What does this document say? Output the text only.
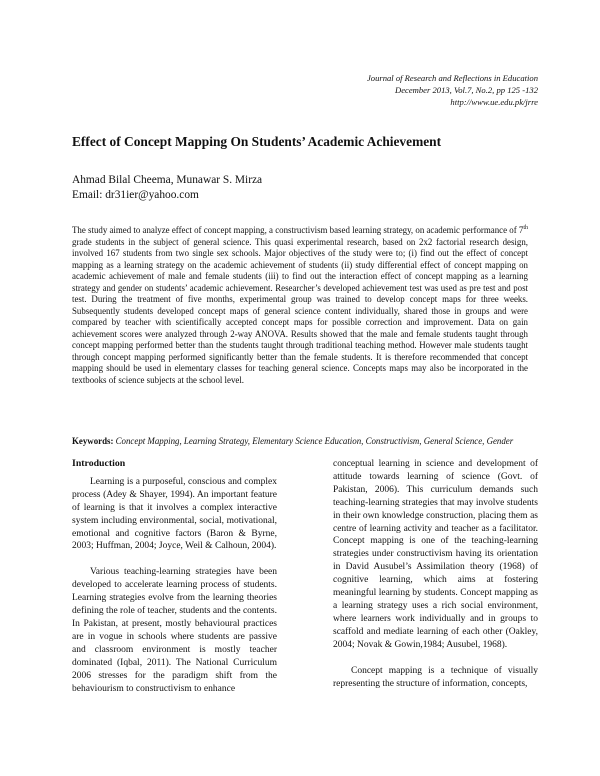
Journal of Research and Reflections in Education
December 2013, Vol.7, No.2, pp 125 -132
http://www.ue.edu.pk/jrre
Effect of Concept Mapping On Students’ Academic Achievement
Ahmad Bilal Cheema, Munawar S. Mirza
Email: dr31ier@yahoo.com

The study aimed to analyze effect of concept mapping, a constructivism based learning strategy, on academic performance of 7th grade students in the subject of general science. This quasi experimental research, based on 2x2 factorial research design, involved 167 students from two single sex schools. Major objectives of the study were to; (i) find out the effect of concept mapping as a learning strategy on the academic achievement of students (ii) study differential effect of concept mapping on academic achievement of male and female students (iii) to find out the interaction effect of concept mapping as a learning strategy and gender on students’ academic achievement. Researcher’s developed achievement test was used as pre test and post test. During the treatment of five months, experimental group was trained to develop concept maps for three weeks. Subsequently students developed concept maps of general science content individually, shared those in groups and were compared by teacher with scientifically accepted concept maps for possible correction and improvement. Data on gain achievement scores were analyzed through 2-way ANOVA. Results showed that the male and female students taught through concept mapping performed better than the students taught through traditional teaching method. However male students taught through concept mapping performed significantly better than the female students. It is therefore recommended that concept mapping should be used in elementary classes for teaching general science. Concepts maps may also be incorporated in the textbooks of science subjects at the school level.

Keywords: Concept Mapping, Learning Strategy, Elementary Science Education, Constructivism, General Science, Gender
Introduction

Learning is a purposeful, conscious and complex process (Adey & Shayer, 1994). An important feature of learning is that it involves a complex interactive system including environmental, social, motivational, emotional and cognitive factors (Baron & Byrne, 2003; Huffman, 2004; Joyce, Weil & Calhoun, 2004).

Various teaching-learning strategies have been developed to accelerate learning process of students. Learning strategies evolve from the learning theories defining the role of teacher, students and the contents. In Pakistan, at present, mostly behavioural practices are in vogue in schools where students are passive and classroom environment is mostly teacher dominated (Iqbal, 2011). The National Curriculum 2006 stresses for the paradigm shift from the behaviourism to constructivism to enhance

conceptual learning in science and development of attitude towards learning of science (Govt. of Pakistan, 2006). This curriculum demands such teaching-learning strategies that may involve students in their own knowledge construction, placing them as centre of learning activity and teacher as a facilitator. Concept mapping is one of the teaching-learning strategies under constructivism having its orientation in David Ausubel’s Assimilation theory (1968) of cognitive learning, which aims at fostering meaningful learning by students. Concept mapping as a learning strategy uses a rich social environment, where learners work individually and in groups to scaffold and mediate learning of each other (Oakley, 2004; Novak & Gowin,1984; Ausubel, 1968).

Concept mapping is a technique of visually representing the structure of information, concepts,
